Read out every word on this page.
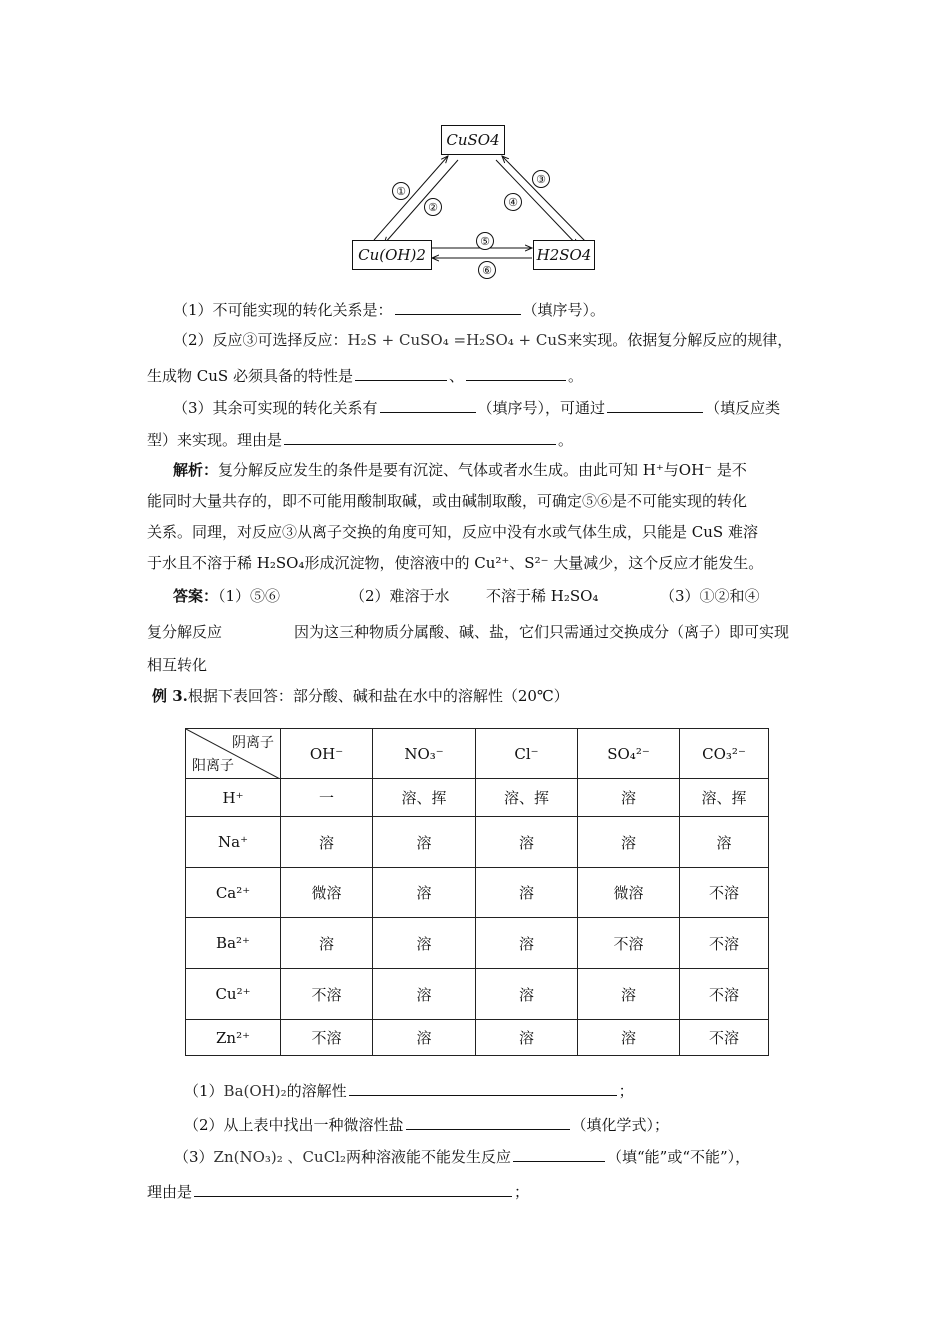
CuSO4
Cu(OH)2	H2SO4
①
②
③
④
⑤
⑥
（1）不可能实现的转化关系是：	（填序号）。
（2）反应③可选择反应：H₂S + CuSO₄ =H₂SO₄ + CuS来实现。依据复分解反应的规律，
生成物 CuS 必须具备的特性是	、	。
（3）其余可实现的转化关系有	（填序号），可通过	（填反应类
型）来实现。理由是	。
解析：复分解反应发生的条件是要有沉淀、气体或者水生成。由此可知 H⁺与OH⁻ 是不
能同时大量共存的，即不可能用酸制取碱，或由碱制取酸，可确定⑤⑥是不可能实现的转化
关系。同理，对反应③从离子交换的角度可知，反应中没有水或气体生成，只能是 CuS 难溶
于水且不溶于稀 H₂SO₄形成沉淀物，使溶液中的 Cu²⁺、S²⁻ 大量减少，这个反应才能发生。
答案：（1）⑤⑥	（2）难溶于水 不溶于稀 H₂SO₄	（3）①②和④
复分解反应	因为这三种物质分属酸、碱、盐，它们只需通过交换成分（离子）即可实现
相互转化
例 3.根据下表回答：部分酸、碱和盐在水中的溶解性（20℃）
阴离子
阳离子	OH⁻	NO₃⁻	Cl⁻	SO₄²⁻	CO₃²⁻
H⁺	一	溶、挥	溶、挥	溶	溶、挥
Na⁺	溶	溶	溶	溶	溶
Ca²⁺	微溶	溶	溶	微溶	不溶
Ba²⁺	溶	溶	溶	不溶	不溶
Cu²⁺	不溶	溶	溶	溶	不溶
Zn²⁺	不溶	溶	溶	溶	不溶
（1）Ba(OH)₂的溶解性	；
（2）从上表中找出一种微溶性盐	（填化学式）；
（3）Zn(NO₃)₂ 、CuCl₂两种溶液能不能发生反应	（填“能”或“不能”），
理由是	；
